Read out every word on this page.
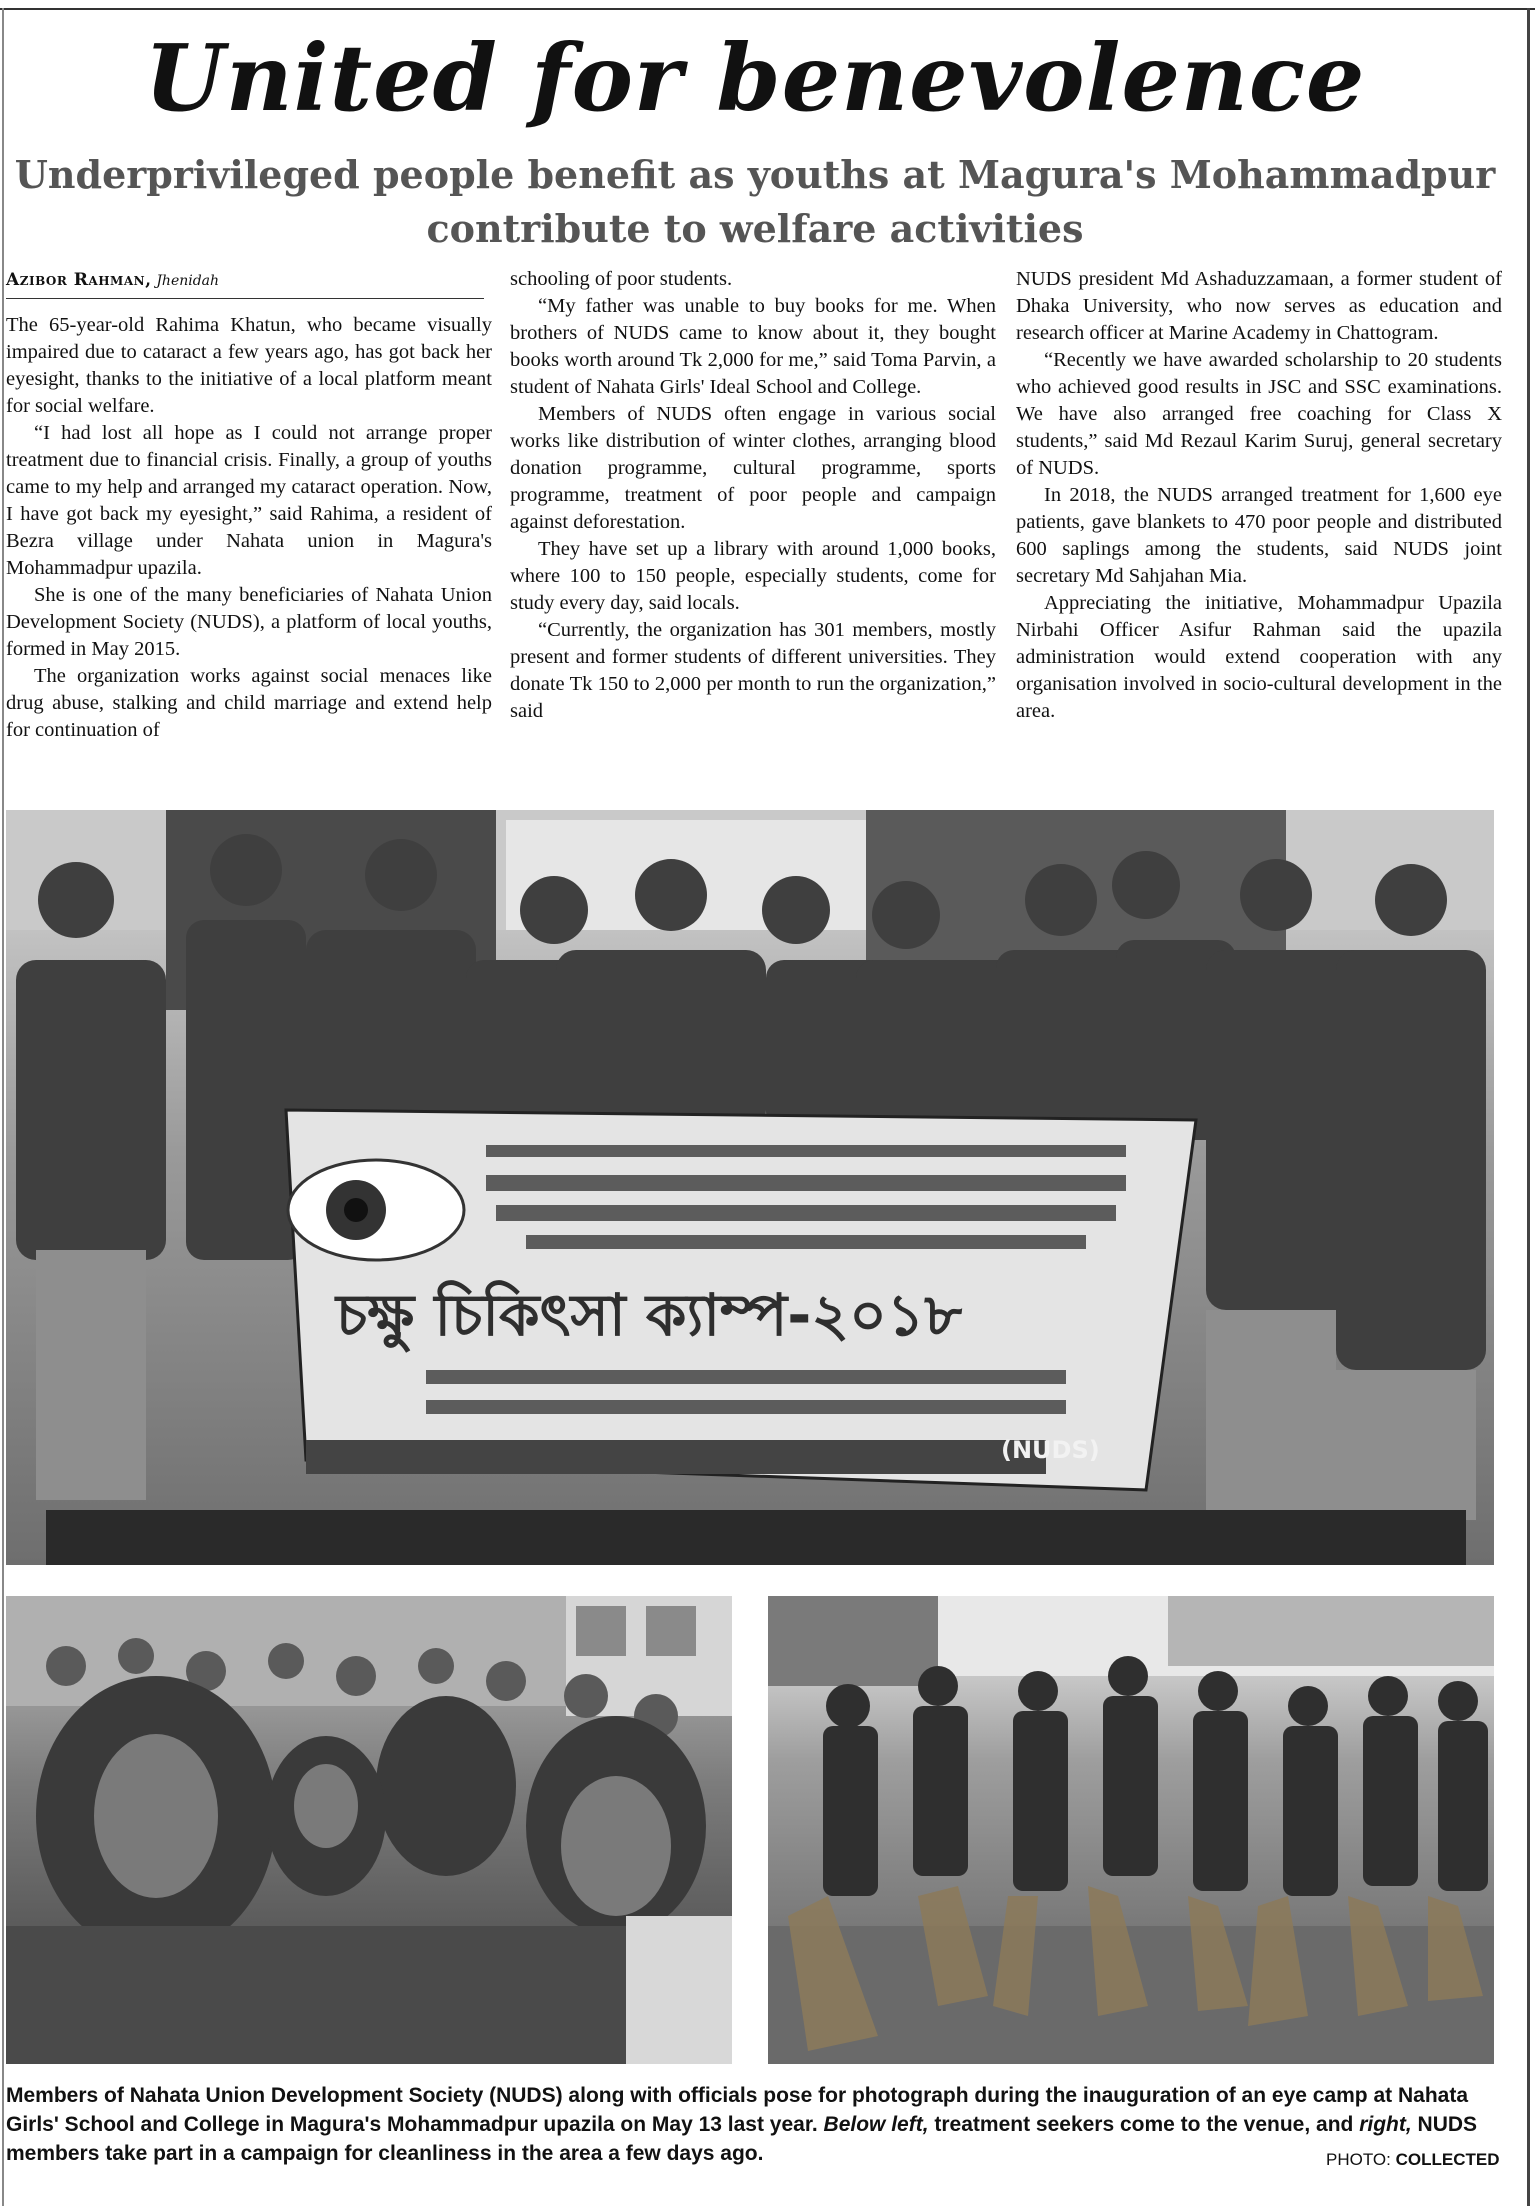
United for benevolence
Underprivileged people benefit as youths at Magura's Mohammadpur contribute to welfare activities
Azibor Rahman, Jhenidah

The 65-year-old Rahima Khatun, who became visually impaired due to cataract a few years ago, has got back her eyesight, thanks to the initiative of a local platform meant for social welfare.

“I had lost all hope as I could not arrange proper treatment due to financial crisis. Finally, a group of youths came to my help and arranged my cataract operation. Now, I have got back my eyesight,” said Rahima, a resident of Bezra village under Nahata union in Magura's Mohammadpur upazila.

She is one of the many beneficiaries of Nahata Union Development Society (NUDS), a platform of local youths, formed in May 2015.

The organization works against social menaces like drug abuse, stalking and child marriage and extend help for continuation of

schooling of poor students.

“My father was unable to buy books for me. When brothers of NUDS came to know about it, they bought books worth around Tk 2,000 for me,” said Toma Parvin, a student of Nahata Girls' Ideal School and College.

Members of NUDS often engage in various social works like distribution of winter clothes, arranging blood donation programme, cultural programme, sports programme, treatment of poor people and campaign against deforestation.

They have set up a library with around 1,000 books, where 100 to 150 people, especially students, come for study every day, said locals.

“Currently, the organization has 301 members, mostly present and former students of different universities. They donate Tk 150 to 2,000 per month to run the organization,” said

NUDS president Md Ashaduzzamaan, a former student of Dhaka University, who now serves as education and research officer at Marine Academy in Chattogram.

“Recently we have awarded scholarship to 20 students who achieved good results in JSC and SSC examinations. We have also arranged free coaching for Class X students,” said Md Rezaul Karim Suruj, general secretary of NUDS.

In 2018, the NUDS arranged treatment for 1,600 eye patients, gave blankets to 470 poor people and distributed 600 saplings among the students, said NUDS joint secretary Md Sahjahan Mia.

Appreciating the initiative, Mohammadpur Upazila Nirbahi Officer Asifur Rahman said the upazila administration would extend cooperation with any organisation involved in socio-cultural development in the area.

চক্ষু চিকিৎসা ক্যাম্প-২০১৮
(NUDS)
Members of Nahata Union Development Society (NUDS) along with officials pose for photograph during the inauguration of an eye camp at Nahata Girls' School and College in Magura's Mohammadpur upazila on May 13 last year. Below left, treatment seekers come to the venue, and right, NUDS members take part in a campaign for cleanliness in the area a few days ago.	PHOTO: COLLECTED
